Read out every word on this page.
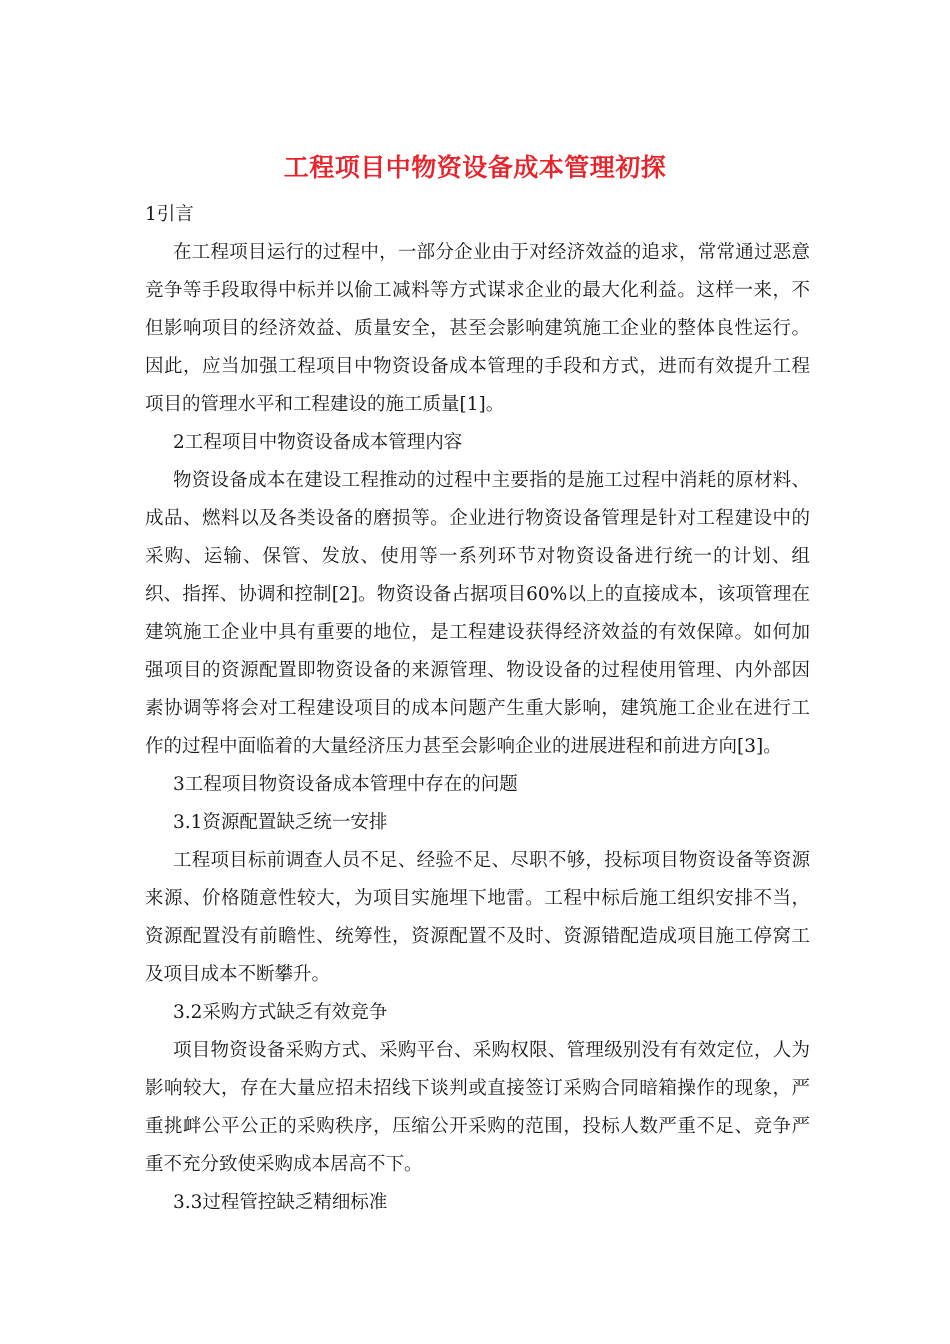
工程项目中物资设备成本管理初探

1引言

在工程项目运行的过程中，一部分企业由于对经济效益的追求，常常通过恶意竞争等手段取得中标并以偷工减料等方式谋求企业的最大化利益。这样一来，不但影响项目的经济效益、质量安全，甚至会影响建筑施工企业的整体良性运行。因此，应当加强工程项目中物资设备成本管理的手段和方式，进而有效提升工程项目的管理水平和工程建设的施工质量[1]。

2工程项目中物资设备成本管理内容

物资设备成本在建设工程推动的过程中主要指的是施工过程中消耗的原材料、成品、燃料以及各类设备的磨损等。企业进行物资设备管理是针对工程建设中的采购、运输、保管、发放、使用等一系列环节对物资设备进行统一的计划、组织、指挥、协调和控制[2]。物资设备占据项目60%以上的直接成本，该项管理在建筑施工企业中具有重要的地位，是工程建设获得经济效益的有效保障。如何加强项目的资源配置即物资设备的来源管理、物设设备的过程使用管理、内外部因素协调等将会对工程建设项目的成本问题产生重大影响，建筑施工企业在进行工作的过程中面临着的大量经济压力甚至会影响企业的进展进程和前进方向[3]。

3工程项目物资设备成本管理中存在的问题

3.1资源配置缺乏统一安排

工程项目标前调查人员不足、经验不足、尽职不够，投标项目物资设备等资源来源、价格随意性较大，为项目实施埋下地雷。工程中标后施工组织安排不当，资源配置没有前瞻性、统筹性，资源配置不及时、资源错配造成项目施工停窝工及项目成本不断攀升。

3.2采购方式缺乏有效竞争

项目物资设备采购方式、采购平台、采购权限、管理级别没有有效定位，人为影响较大，存在大量应招未招线下谈判或直接签订采购合同暗箱操作的现象，严重挑衅公平公正的采购秩序，压缩公开采购的范围，投标人数严重不足、竞争严重不充分致使采购成本居高不下。

3.3过程管控缺乏精细标准
